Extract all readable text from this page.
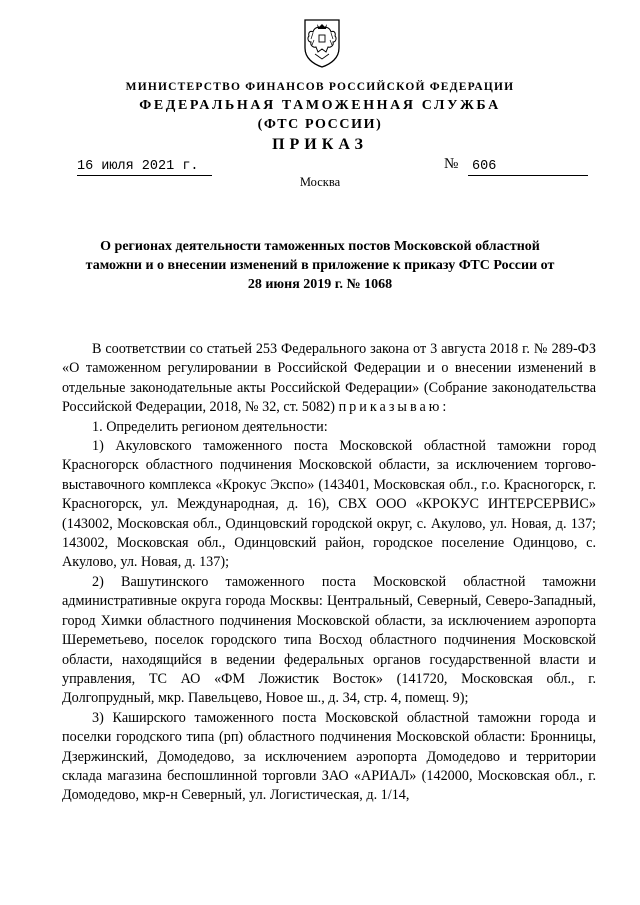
МИНИСТЕРСТВО ФИНАНСОВ РОССИЙСКОЙ ФЕДЕРАЦИИ
ФЕДЕРАЛЬНАЯ ТАМОЖЕННАЯ СЛУЖБА
(ФТС РОССИИ)
ПРИКАЗ
16 июля 2021 г.	№ 606
Москва
О регионах деятельности таможенных постов Московской областной таможни и о внесении изменений в приложение к приказу ФТС России от 28 июня 2019 г. № 1068

В соответствии со статьей 253 Федерального закона от 3 августа 2018 г. № 289-ФЗ «О таможенном регулировании в Российской Федерации и о внесении изменений в отдельные законодательные акты Российской Федерации» (Собрание законодательства Российской Федерации, 2018, № 32, ст. 5082) приказываю:

1. Определить регионом деятельности:

1) Акуловского таможенного поста Московской областной таможни город Красногорск областного подчинения Московской области, за исключением торгово-выставочного комплекса «Крокус Экспо» (143401, Московская обл., г.о. Красногорск, г. Красногорск, ул. Международная, д. 16), СВХ ООО «КРОКУС ИНТЕРСЕРВИС» (143002, Московская обл., Одинцовский городской округ, с. Акулово, ул. Новая, д. 137; 143002, Московская обл., Одинцовский район, городское поселение Одинцово, с. Акулово, ул. Новая, д. 137);

2) Вашутинского таможенного поста Московской областной таможни административные округа города Москвы: Центральный, Северный, Северо-Западный, город Химки областного подчинения Московской области, за исключением аэропорта Шереметьево, поселок городского типа Восход областного подчинения Московской области, находящийся в ведении федеральных органов государственной власти и управления, ТС АО «ФМ Ложистик Восток» (141720, Московская обл., г. Долгопрудный, мкр. Павельцево, Новое ш., д. 34, стр. 4, помещ. 9);

3) Каширского таможенного поста Московской областной таможни города и поселки городского типа (рп) областного подчинения Московской области: Бронницы, Дзержинский, Домодедово, за исключением аэропорта Домодедово и территории склада магазина беспошлинной торговли ЗАО «АРИАЛ» (142000, Московская обл., г. Домодедово, мкр-н Северный, ул. Логистическая, д. 1/14,
